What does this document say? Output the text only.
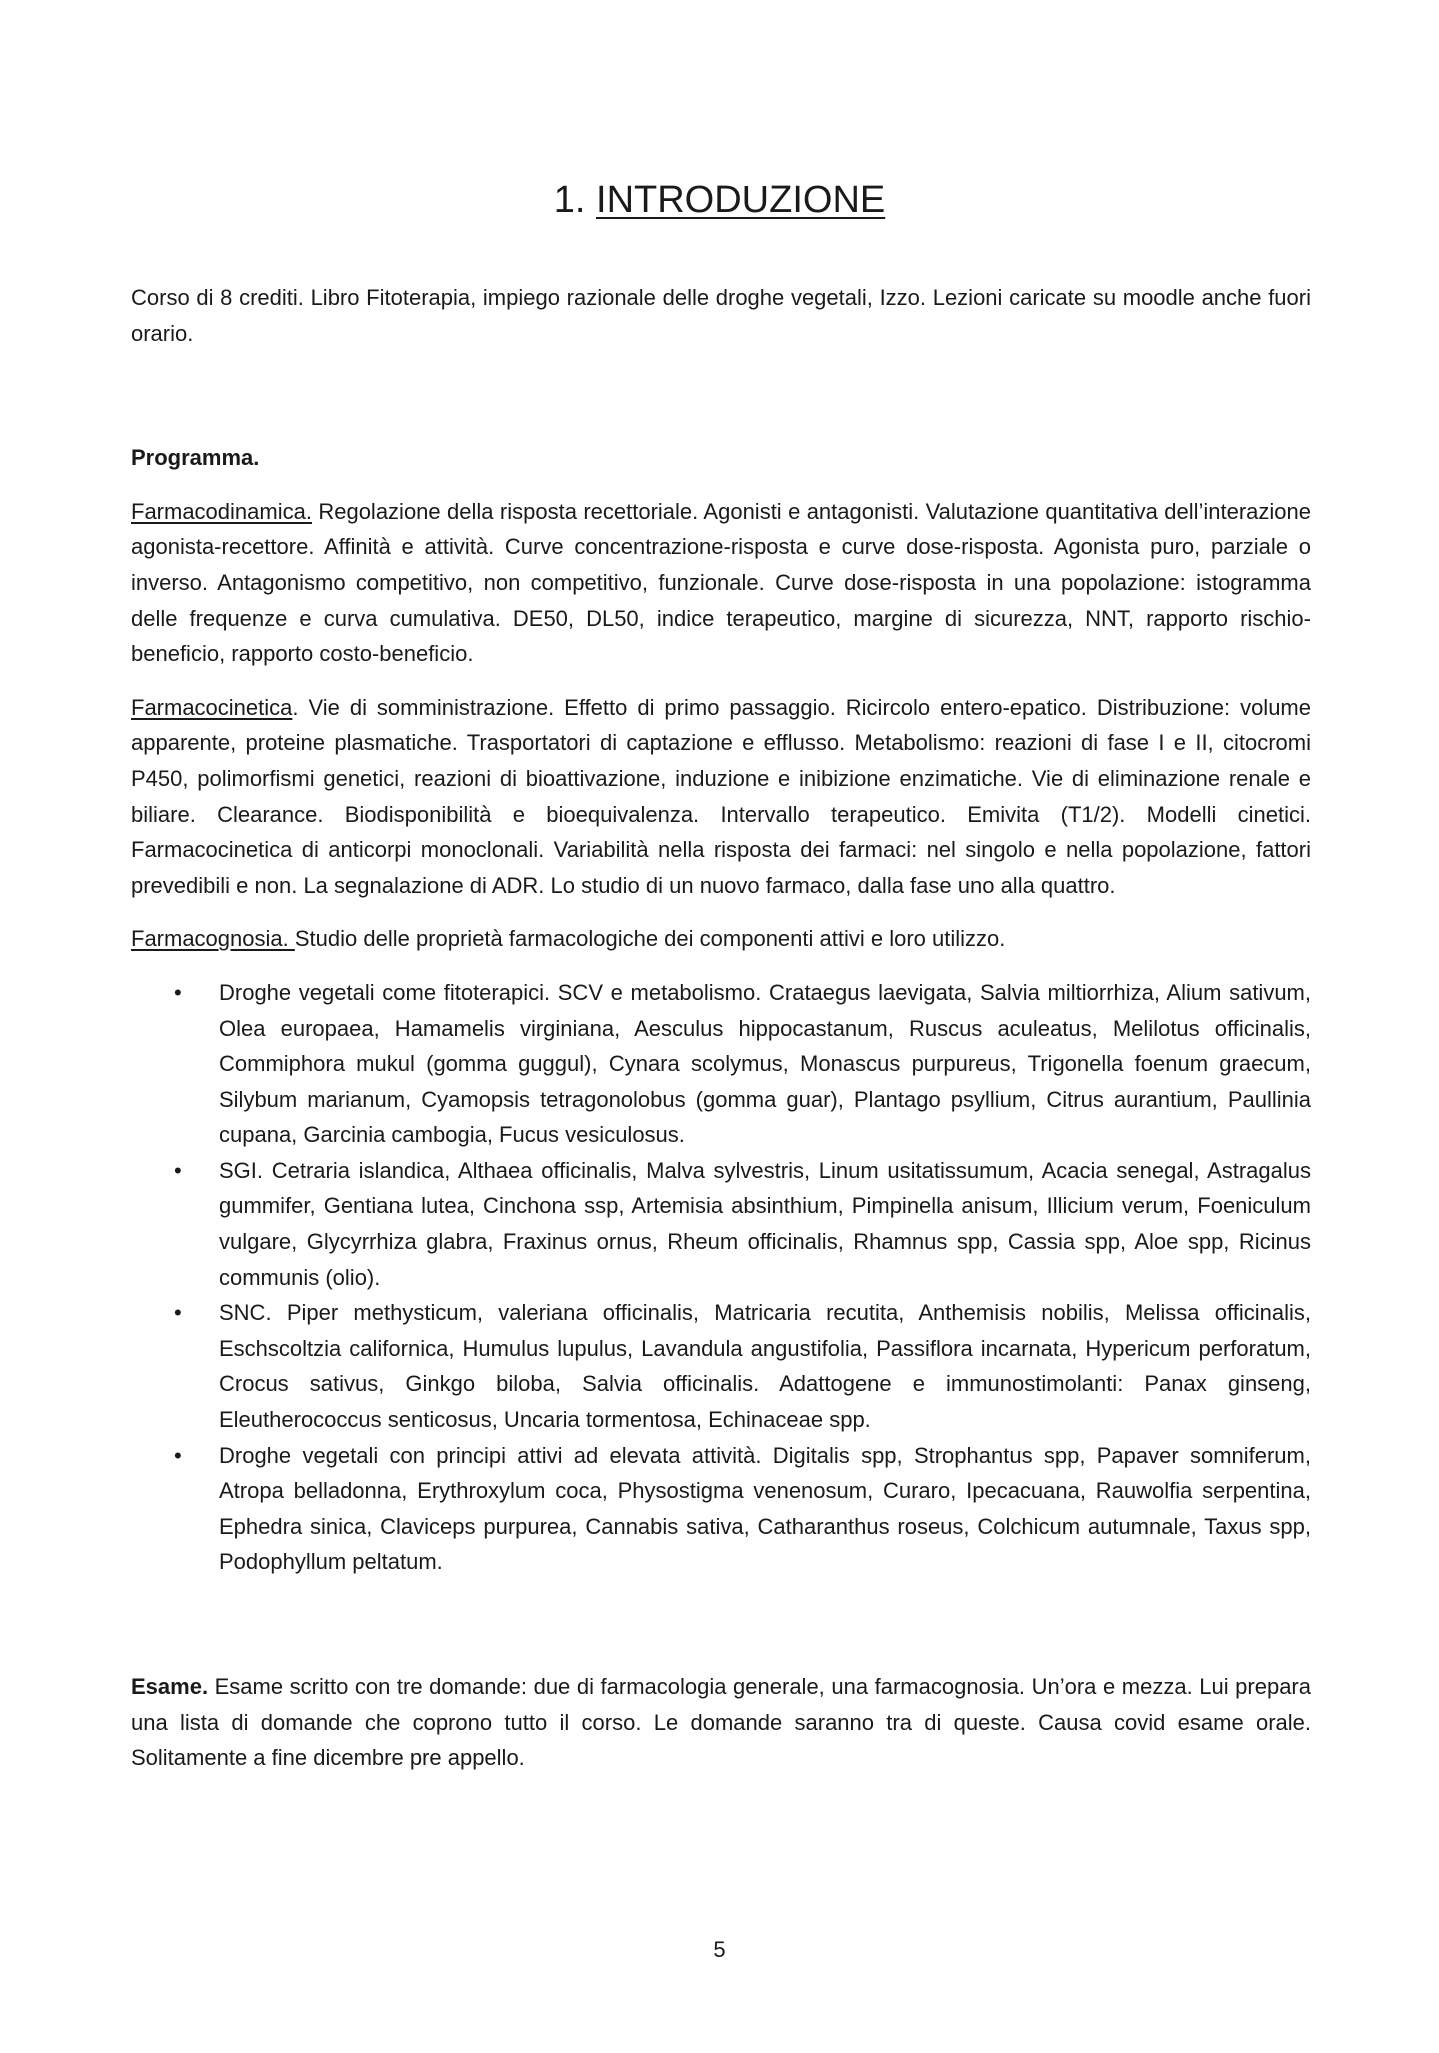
1. INTRODUZIONE

Corso di 8 crediti. Libro Fitoterapia, impiego razionale delle droghe vegetali, Izzo. Lezioni caricate su moodle anche fuori orario.

Programma.

Farmacodinamica. Regolazione della risposta recettoriale. Agonisti e antagonisti. Valutazione quantitativa dell’interazione agonista-recettore. Affinità e attività. Curve concentrazione-risposta e curve dose-risposta. Agonista puro, parziale o inverso. Antagonismo competitivo, non competitivo, funzionale. Curve dose-risposta in una popolazione: istogramma delle frequenze e curva cumulativa. DE50, DL50, indice terapeutico, margine di sicurezza, NNT, rapporto rischio-beneficio, rapporto costo-beneficio.

Farmacocinetica. Vie di somministrazione. Effetto di primo passaggio. Ricircolo entero-epatico. Distribuzione: volume apparente, proteine plasmatiche. Trasportatori di captazione e efflusso. Metabolismo: reazioni di fase I e II, citocromi P450, polimorfismi genetici, reazioni di bioattivazione, induzione e inibizione enzimatiche. Vie di eliminazione renale e biliare. Clearance. Biodisponibilità e bioequivalenza. Intervallo terapeutico. Emivita (T1/2). Modelli cinetici. Farmacocinetica di anticorpi monoclonali. Variabilità nella risposta dei farmaci: nel singolo e nella popolazione, fattori prevedibili e non. La segnalazione di ADR. Lo studio di un nuovo farmaco, dalla fase uno alla quattro.

Farmacognosia. Studio delle proprietà farmacologiche dei componenti attivi e loro utilizzo.

• Droghe vegetali come fitoterapici. SCV e metabolismo. Crataegus laevigata, Salvia miltiorrhiza, Alium sativum, Olea europaea, Hamamelis virginiana, Aesculus hippocastanum, Ruscus aculeatus, Melilotus officinalis, Commiphora mukul (gomma guggul), Cynara scolymus, Monascus purpureus, Trigonella foenum graecum, Silybum marianum, Cyamopsis tetragonolobus (gomma guar), Plantago psyllium, Citrus aurantium, Paullinia cupana, Garcinia cambogia, Fucus vesiculosus.
• SGI. Cetraria islandica, Althaea officinalis, Malva sylvestris, Linum usitatissumum, Acacia senegal, Astragalus gummifer, Gentiana lutea, Cinchona ssp, Artemisia absinthium, Pimpinella anisum, Illicium verum, Foeniculum vulgare, Glycyrrhiza glabra, Fraxinus ornus, Rheum officinalis, Rhamnus spp, Cassia spp, Aloe spp, Ricinus communis (olio).
• SNC. Piper methysticum, valeriana officinalis, Matricaria recutita, Anthemisis nobilis, Melissa officinalis, Eschscoltzia californica, Humulus lupulus, Lavandula angustifolia, Passiflora incarnata, Hypericum perforatum, Crocus sativus, Ginkgo biloba, Salvia officinalis. Adattogene e immunostimolanti: Panax ginseng, Eleutherococcus senticosus, Uncaria tormentosa, Echinaceae spp.
• Droghe vegetali con principi attivi ad elevata attività. Digitalis spp, Strophantus spp, Papaver somniferum, Atropa belladonna, Erythroxylum coca, Physostigma venenosum, Curaro, Ipecacuana, Rauwolfia serpentina, Ephedra sinica, Claviceps purpurea, Cannabis sativa, Catharanthus roseus, Colchicum autumnale, Taxus spp, Podophyllum peltatum.

Esame. Esame scritto con tre domande: due di farmacologia generale, una farmacognosia. Un’ora e mezza. Lui prepara una lista di domande che coprono tutto il corso. Le domande saranno tra di queste. Causa covid esame orale. Solitamente a fine dicembre pre appello.

5
